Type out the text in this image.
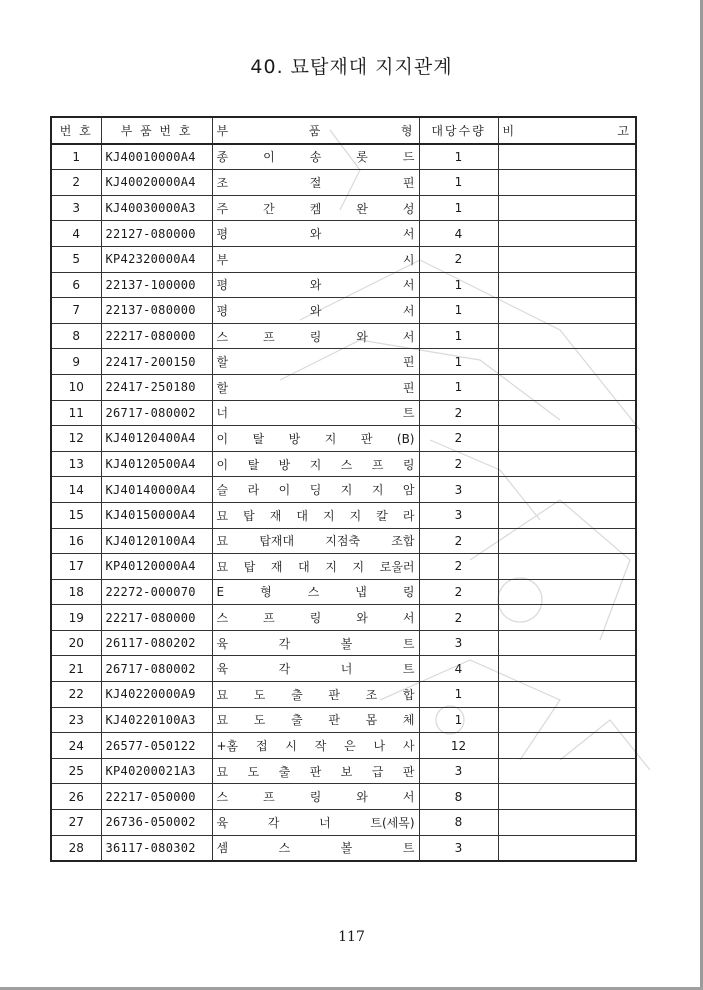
40. 묘탑재대 지지관계
번 호	부 품 번 호	부 품 형	대당수량	비 고
1	KJ40010000A4	종 이 송 롯 드	1	
2	KJ40020000A4	조 절 핀	1	
3	KJ40030000A3	주 간 켐 완 성	1	
4	22127-080000	평 와 서	4	
5	KP42320000A4	부 시	2	
6	22137-100000	평 와 서	1	
7	22137-080000	평 와 서	1	
8	22217-080000	스 프 링 와 서	1	
9	22417-200150	할 핀	1	
10	22417-250180	할 핀	1	
11	26717-080002	너 트	2	
12	KJ40120400A4	이 탈 방 지 판 (B)	2	
13	KJ40120500A4	이 탈 방 지 스 프 링	2	
14	KJ40140000A4	슬 라 이 딩 지 지 암	3	
15	KJ40150000A4	묘 탑 재 대 지 지 칼 라	3	
16	KJ40120100A4	묘 탑재대 지점축 조합	2	
17	KP40120000A4	묘 탑 재 대 지 지 로울러	2	
18	22272-000070	E 형 스 냅 링	2	
19	22217-080000	스 프 링 와 서	2	
20	26117-080202	육 각 볼 트	3	
21	26717-080002	육 각 너 트	4	
22	KJ40220000A9	묘 도 출 판 조 합	1	
23	KJ40220100A3	묘 도 출 판 몸 체	1	
24	26577-050122	+홈 접 시 작 은 나 사	12	
25	KP40200021A3	묘 도 출 판 보 급 판	3	
26	22217-050000	스 프 링 와 서	8	
27	26736-050002	육 각 너 트(세목)	8	
28	36117-080302	셈 스 볼 트	3	
117
